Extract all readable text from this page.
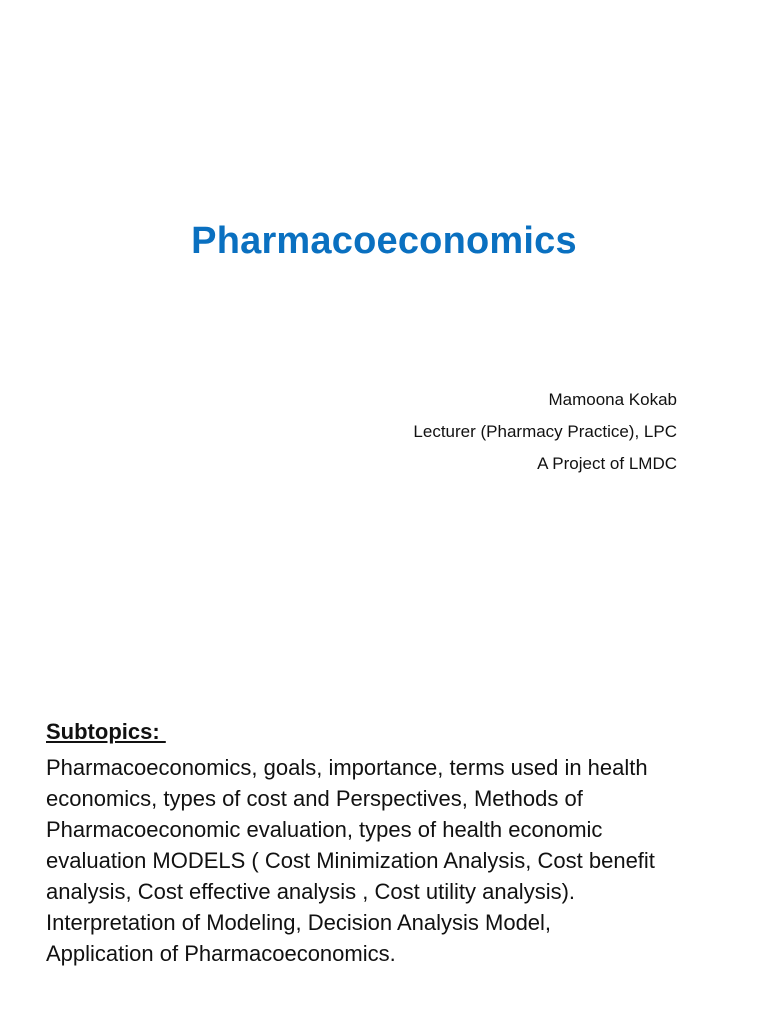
Pharmacoeconomics
Mamoona Kokab
Lecturer (Pharmacy Practice), LPC
A Project of LMDC
Subtopics:
Pharmacoeconomics, goals, importance, terms used in health
economics, types of cost and Perspectives, Methods of
Pharmacoeconomic evaluation, types of health economic
evaluation MODELS ( Cost Minimization Analysis, Cost benefit
analysis, Cost effective analysis , Cost utility analysis).
Interpretation of Modeling, Decision Analysis Model,
Application of Pharmacoeconomics.
